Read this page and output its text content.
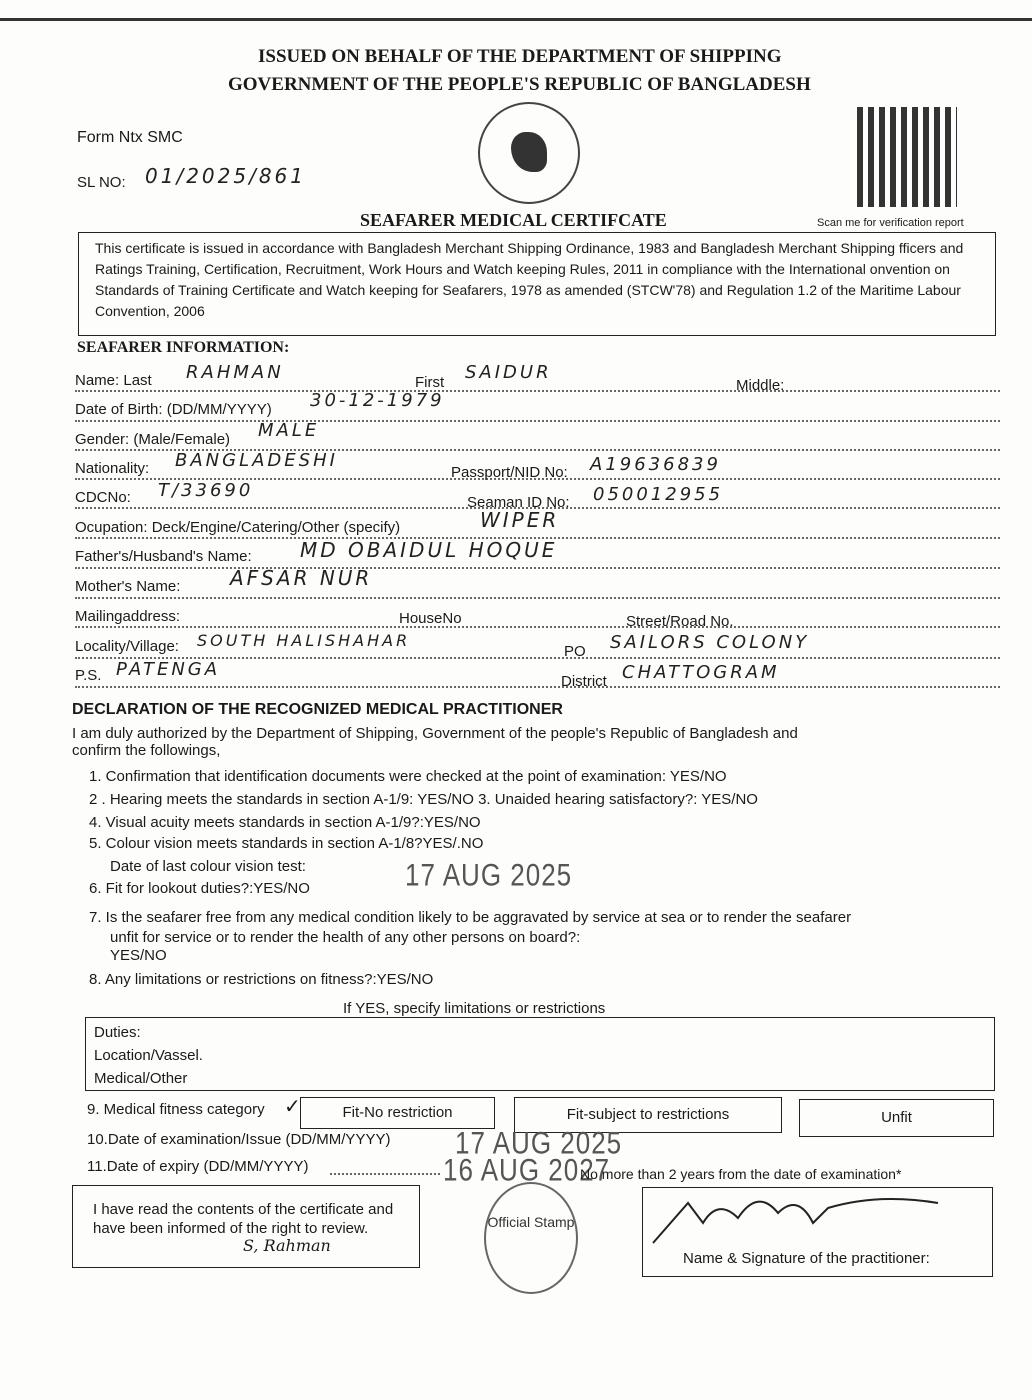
ISSUED ON BEHALF OF THE DEPARTMENT OF SHIPPING
GOVERNMENT OF THE PEOPLE'S REPUBLIC OF BANGLADESH
Form Ntx SMC
SL NO: 01/2025/861
SEAFARER MEDICAL CERTIFCATE	Scan me for verification report
This certificate is issued in accordance with Bangladesh Merchant Shipping Ordinance, 1983 and Bangladesh Merchant Shipping fficers and Ratings Training, Certification, Recruitment, Work Hours and Watch keeping Rules, 2011 in compliance with the International onvention on Standards of Training Certificate and Watch keeping for Seafarers, 1978 as amended (STCW'78) and Regulation 1.2 of the Maritime Labour Convention, 2006
SEAFARER INFORMATION:
Name: Last RAHMAN	First SAIDUR
Middle:
Date of Birth: (DD/MM/YYYY) 30-12-1979
Gender: (Male/Female) MALE
Nationality: BANGLADESHI
Passport/NID No: A19636839
CDCNo: T/33690
Seaman ID No: 050012955
Ocupation: Deck/Engine/Catering/Other (specify)	WIPER
Father's/Husband's Name: MD OBAIDUL HOQUE
Mother's Name: AFSAR NUR
Mailingaddress:	HouseNo	Street/Road No.
Locality/Village: SOUTH HALISHAHAR
PO SAILORS COLONY
P.S. PATENGA
District CHATTOGRAM
DECLARATION OF THE RECOGNIZED MEDICAL PRACTITIONER
I am duly authorized by the Department of Shipping, Government of the people's Republic of Bangladesh and
confirm the followings,
1. Confirmation that identification documents were checked at the point of examination: YES/NO
2 . Hearing meets the standards in section A-1/9: YES/NO 3. Unaided hearing satisfactory?: YES/NO
4. Visual acuity meets standards in section A-1/9?:YES/NO
5. Colour vision meets standards in section A-1/8?YES/.NO
Date of last colour vision test:	17 AUG 2025
6. Fit for lookout duties?:YES/NO
7. Is the seafarer free from any medical condition likely to be aggravated by service at sea or to render the seafarer
unfit for service or to render the health of any other persons on board?:
YES/NO
8. Any limitations or restrictions on fitness?:YES/NO
If YES, specify limitations or restrictions
Duties:
Location/Vassel.
Medical/Other
9. Medical fitness category ✓	Fit-No restriction	Fit-subject to restrictions	Unfit
10.Date of examination/Issue (DD/MM/YYYY) 17 AUG 2025
11.Date of expiry (DD/MM/YYYY)	16 AUG 2027
No more than 2 years from the date of examination*
I have read the contents of the certificate and have been informed of the right to review.
S, Rahman
Official Stamp
Name & Signature of the practitioner:
